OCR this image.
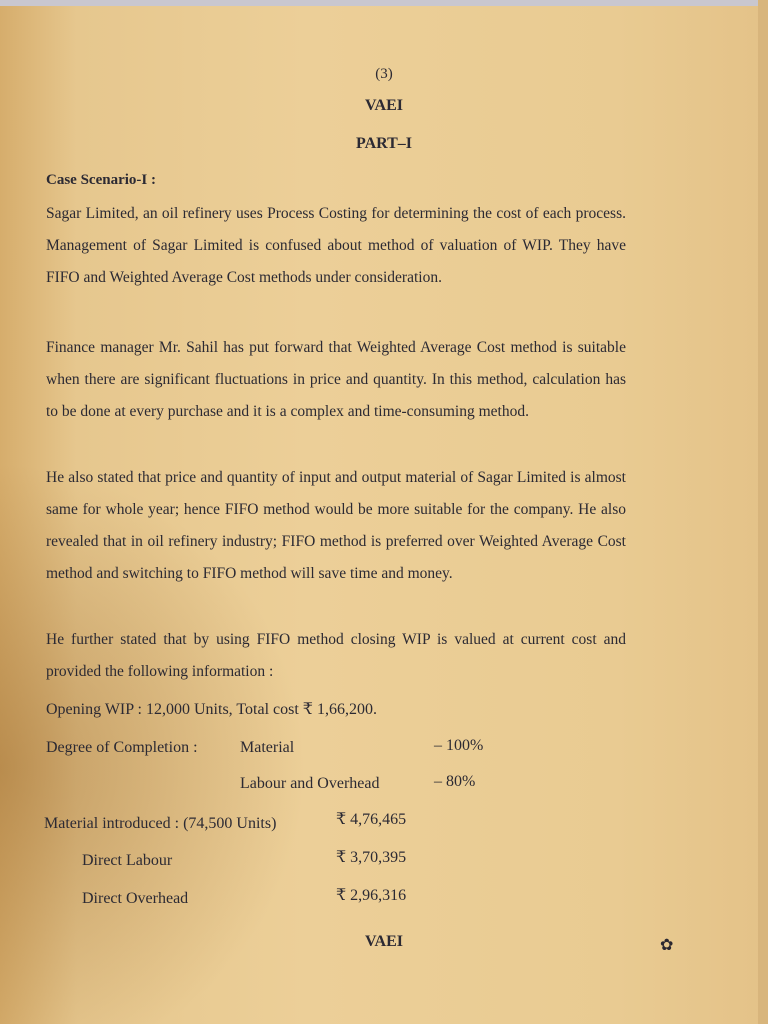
(3)
VAEI
PART–I
Case Scenario-I :
Sagar Limited, an oil refinery uses Process Costing for determining the cost of each process. Management of Sagar Limited is confused about method of valuation of WIP. They have FIFO and Weighted Average Cost methods under consideration.
Finance manager Mr. Sahil has put forward that Weighted Average Cost method is suitable when there are significant fluctuations in price and quantity. In this method, calculation has to be done at every purchase and it is a complex and time-consuming method.
He also stated that price and quantity of input and output material of Sagar Limited is almost same for whole year; hence FIFO method would be more suitable for the company. He also revealed that in oil refinery industry; FIFO method is preferred over Weighted Average Cost method and switching to FIFO method will save time and money.
He further stated that by using FIFO method closing WIP is valued at current cost and provided the following information :
Opening WIP : 12,000 Units, Total cost ₹ 1,66,200.
Degree of Completion :	Material	– 100%
Labour and Overhead	– 80%
Material introduced : (74,500 Units)	₹ 4,76,465
Direct Labour	₹ 3,70,395
Direct Overhead	₹ 2,96,316
VAEI	✿
